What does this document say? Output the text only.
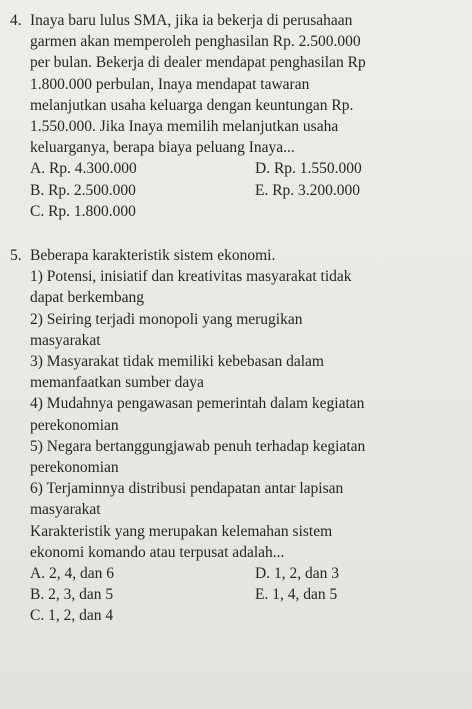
4. Inaya baru lulus SMA, jika ia bekerja di perusahaan
garmen akan memperoleh penghasilan Rp. 2.500.000
per bulan. Bekerja di dealer mendapat penghasilan Rp
1.800.000 perbulan, Inaya mendapat tawaran
melanjutkan usaha keluarga dengan keuntungan Rp.
1.550.000. Jika Inaya memilih melanjutkan usaha
keluarganya, berapa biaya peluang Inaya...

A. Rp. 4.300.000	D. Rp. 1.550.000
B. Rp. 2.500.000	E. Rp. 3.200.000
C. Rp. 1.800.000
5. Beberapa karakteristik sistem ekonomi.
1) Potensi, inisiatif dan kreativitas masyarakat tidak
dapat berkembang
2) Seiring terjadi monopoli yang merugikan
masyarakat
3) Masyarakat tidak memiliki kebebasan dalam
memanfaatkan sumber daya
4) Mudahnya pengawasan pemerintah dalam kegiatan
perekonomian
5) Negara bertanggungjawab penuh terhadap kegiatan
perekonomian
6) Terjaminnya distribusi pendapatan antar lapisan
masyarakat
Karakteristik yang merupakan kelemahan sistem
ekonomi komando atau terpusat adalah...

A. 2, 4, dan 6	D. 1, 2, dan 3
B. 2, 3, dan 5	E. 1, 4, dan 5
C. 1, 2, dan 4
